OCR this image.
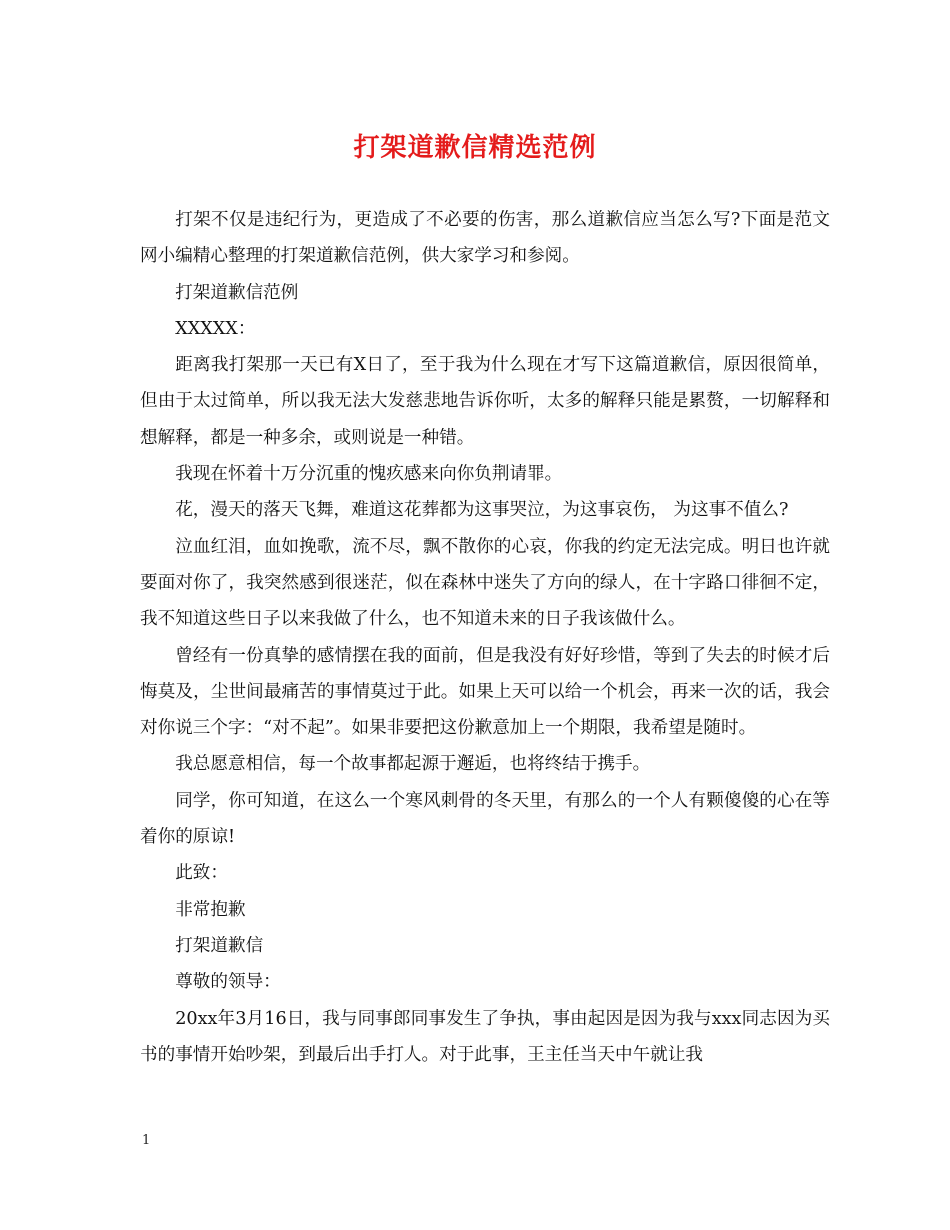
打架道歉信精选范例

打架不仅是违纪行为，更造成了不必要的伤害，那么道歉信应当怎么写?下面是范文网小编精心整理的打架道歉信范例，供大家学习和参阅。

打架道歉信范例

XXXXX：

距离我打架那一天已有X日了，至于我为什么现在才写下这篇道歉信，原因很简单，但由于太过简单，所以我无法大发慈悲地告诉你听，太多的解释只能是累赘，一切解释和想解释，都是一种多余，或则说是一种错。

我现在怀着十万分沉重的愧疚感来向你负荆请罪。

花，漫天的落天飞舞，难道这花葬都为这事哭泣，为这事哀伤， 为这事不值么?

泣血红泪，血如挽歌，流不尽，飘不散你的心哀，你我的约定无法完成。明日也许就要面对你了，我突然感到很迷茫，似在森林中迷失了方向的绿人，在十字路口徘徊不定，我不知道这些日子以来我做了什么，也不知道未来的日子我该做什么。

曾经有一份真挚的感情摆在我的面前，但是我没有好好珍惜，等到了失去的时候才后悔莫及，尘世间最痛苦的事情莫过于此。如果上天可以给一个机会，再来一次的话，我会对你说三个字：“对不起”。如果非要把这份歉意加上一个期限，我希望是随时。

我总愿意相信，每一个故事都起源于邂逅，也将终结于携手。

同学，你可知道，在这么一个寒风刺骨的冬天里，有那么的一个人有颗傻傻的心在等着你的原谅!

此致：

非常抱歉

打架道歉信

尊敬的领导：

20xx年3月16日，我与同事郎同事发生了争执，事由起因是因为我与xxx同志因为买书的事情开始吵架，到最后出手打人。对于此事，王主任当天中午就让我

1
